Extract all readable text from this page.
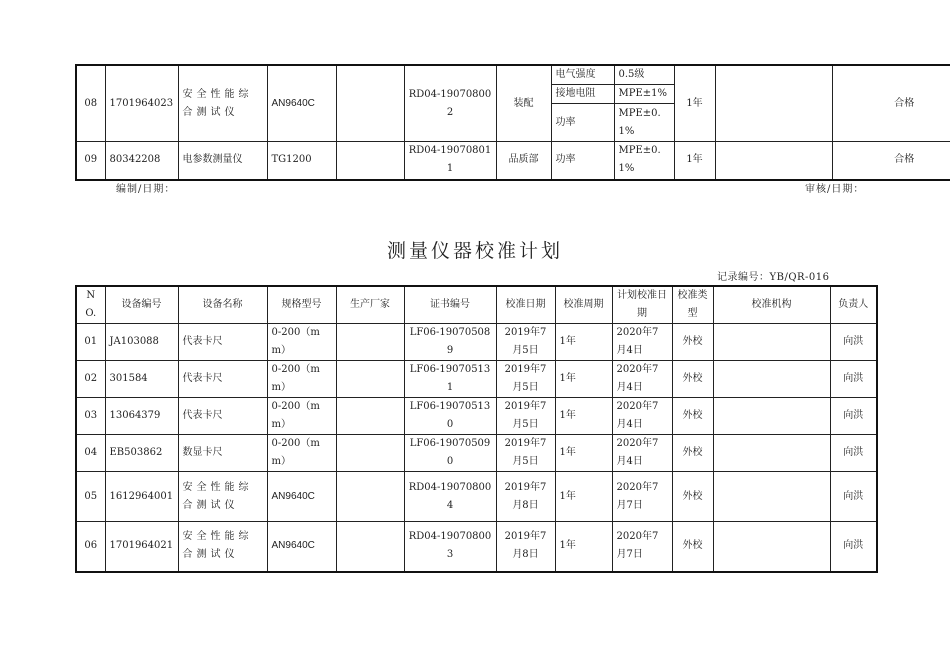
08	1701964023	安全性能综合测试仪	AN9640C		RD04-190708002	装配	电气强度	0.5级	1年		合格
							接地电阻	MPE±1%			
							功率	MPE±0.1%			
09	80342208	电参数测量仪	TG1200		RD04-190708011	品质部	功率	MPE±0.1%	1年		合格
编制/日期：	审核/日期：
测量仪器校准计划
记录编号：YB/QR-016
NO.	设备编号	设备名称	规格型号	生产厂家	证书编号	校准日期	校准周期	计划校准日期	校准类型	校准机构	负责人
01	JA103088	代表卡尺	0-200（mm）		LF06-190705089	2019年7月5日	1年	2020年7月4日	外校		向洪
02	301584	代表卡尺	0-200（mm）		LF06-190705131	2019年7月5日	1年	2020年7月4日	外校		向洪
03	13064379	代表卡尺	0-200（mm）		LF06-190705130	2019年7月5日	1年	2020年7月4日	外校		向洪
04	EB503862	数显卡尺	0-200（mm）		LF06-190705090	2019年7月5日	1年	2020年7月4日	外校		向洪
05	1612964001	安全性能综合测试仪	AN9640C		RD04-190708004	2019年7月8日	1年	2020年7月7日	外校		向洪
06	1701964021	安全性能综合测试仪	AN9640C		RD04-190708003	2019年7月8日	1年	2020年7月7日	外校		向洪
